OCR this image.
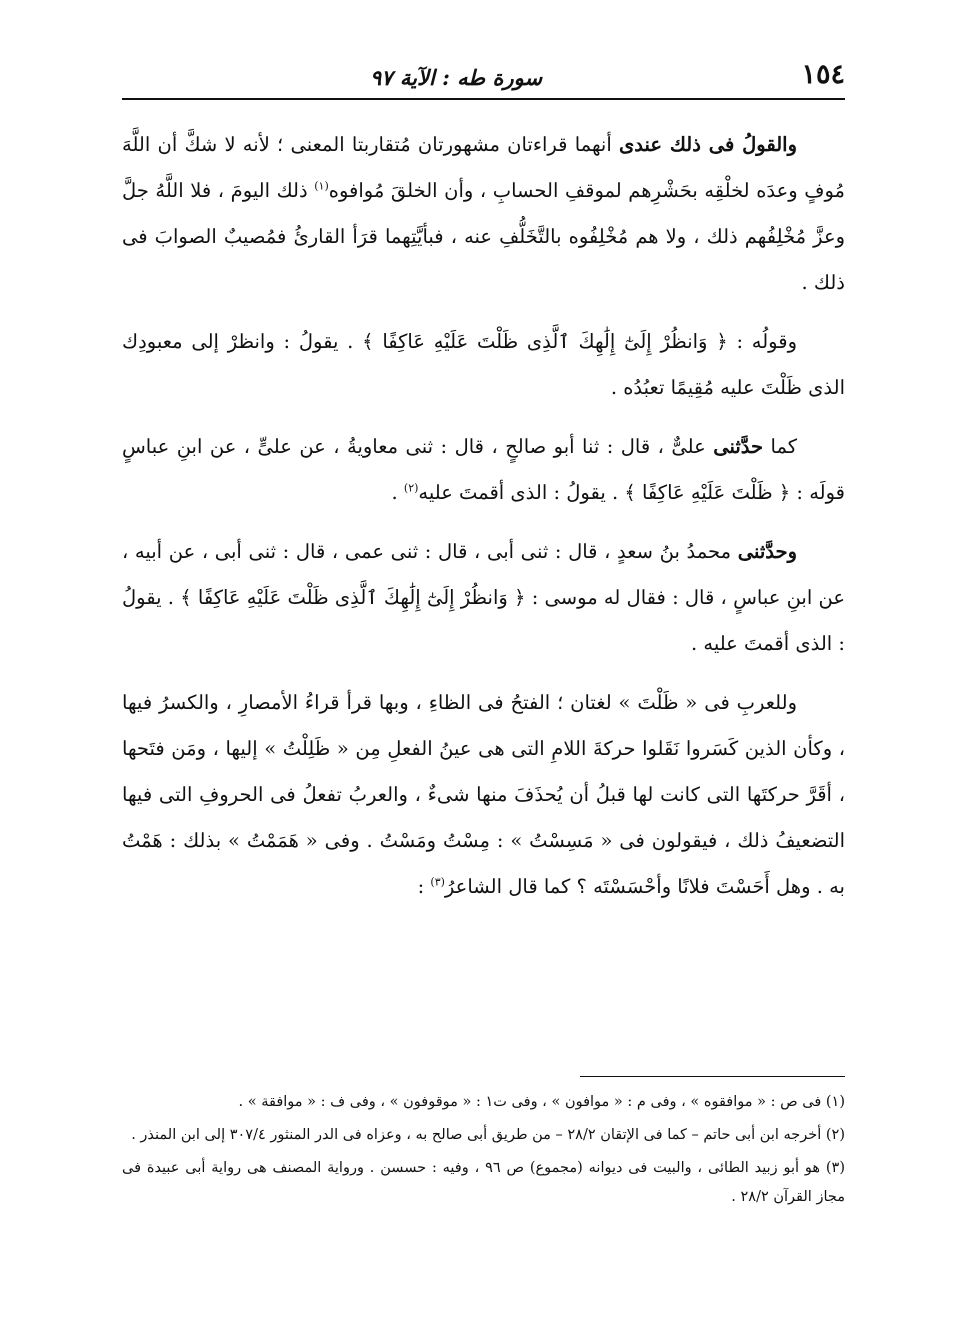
١٥٤
سورة طه : الآية ٩٧

والقولُ فى ذلك عندى أنهما قراءتان مشهورتان مُتقاربتا المعنى ؛ لأنه لا شكَّ أن اللَّهَ مُوفٍ وعدَه لخلْقِه بحَشْرِهم لموقفِ الحسابِ ، وأن الخلقَ مُوافوه$^{(١)}$ ذلك اليومَ ، فلا اللَّهُ جلَّ وعزَّ مُخْلِفُهم ذلك ، ولا هم مُخْلِفُوه بالتَّخَلُّفِ عنه ، فبأيَّتِهما قرَأ القارئُ فمُصيبٌ الصوابَ فى ذلك .

وقولُه : ﴿ وَانظُرْ إِلَىٰٓ إِلَٰهِكَ ٱلَّذِى ظَلْتَ عَلَيْهِ عَاكِفًا ﴾ . يقولُ : وانظرْ إلى معبودِك الذى ظَلْتَ عليه مُقِيمًا تعبُدُه .

كما حدَّثنى علىٌّ ، قال : ثنا أبو صالحٍ ، قال : ثنى معاويةُ ، عن علىٍّ ، عن ابنِ عباسٍ قولَه : ﴿ ظَلْتَ عَلَيْهِ عَاكِفًا ﴾ . يقولُ : الذى أقمتَ عليه$^{(٢)}$ .

وحدَّثنى محمدُ بنُ سعدٍ ، قال : ثنى أبى ، قال : ثنى عمى ، قال : ثنى أبى ، عن أبيه ، عن ابنِ عباسٍ ، قال : فقال له موسى : ﴿ وَانظُرْ إِلَىٰٓ إِلَٰهِكَ ٱلَّذِى ظَلْتَ عَلَيْهِ عَاكِفًا ﴾ . يقولُ : الذى أقمتَ عليه .

وللعربِ فى « ظَلْتَ » لغتان ؛ الفتحُ فى الظاءِ ، وبها قرأ قراءُ الأمصارِ ، والكسرُ فيها ، وكأن الذين كَسَروا نَقَلوا حركةَ اللامِ التى هى عينُ الفعلِ مِن « ظَلِلْتُ » إليها ، ومَن فتَحها ، أقَرَّ حركتَها التى كانت لها قبلُ أن يُحذَفَ منها شىءٌ ، والعربُ تفعلُ فى الحروفِ التى فيها التضعيفُ ذلك ، فيقولون فى « مَسِسْتُ » : مِسْتُ ومَسْتُ . وفى « هَمَمْتُ » بذلك : هَمْتُ به . وهل أَحَسْتَ فلانًا وأحْسَسْتَه ؟ كما قال الشاعرُ$^{(٣)}$ :

(١) فى ص : « موافقوه » ، وفى م : « موافون » ، وفى ت١ : « موقوفون » ، وفى ف : « موافقة » .
(٢) أخرجه ابن أبى حاتم – كما فى الإتقان ٢٨/٢ – من طريق أبى صالح به ، وعزاه فى الدر المنثور ٣٠٧/٤ إلى ابن المنذر .
(٣) هو أبو زبيد الطائى ، والبيت فى ديوانه (مجموع) ص ٩٦ ، وفيه : حسسن . ورواية المصنف هى رواية أبى عبيدة فى مجاز القرآن ٢٨/٢ .
